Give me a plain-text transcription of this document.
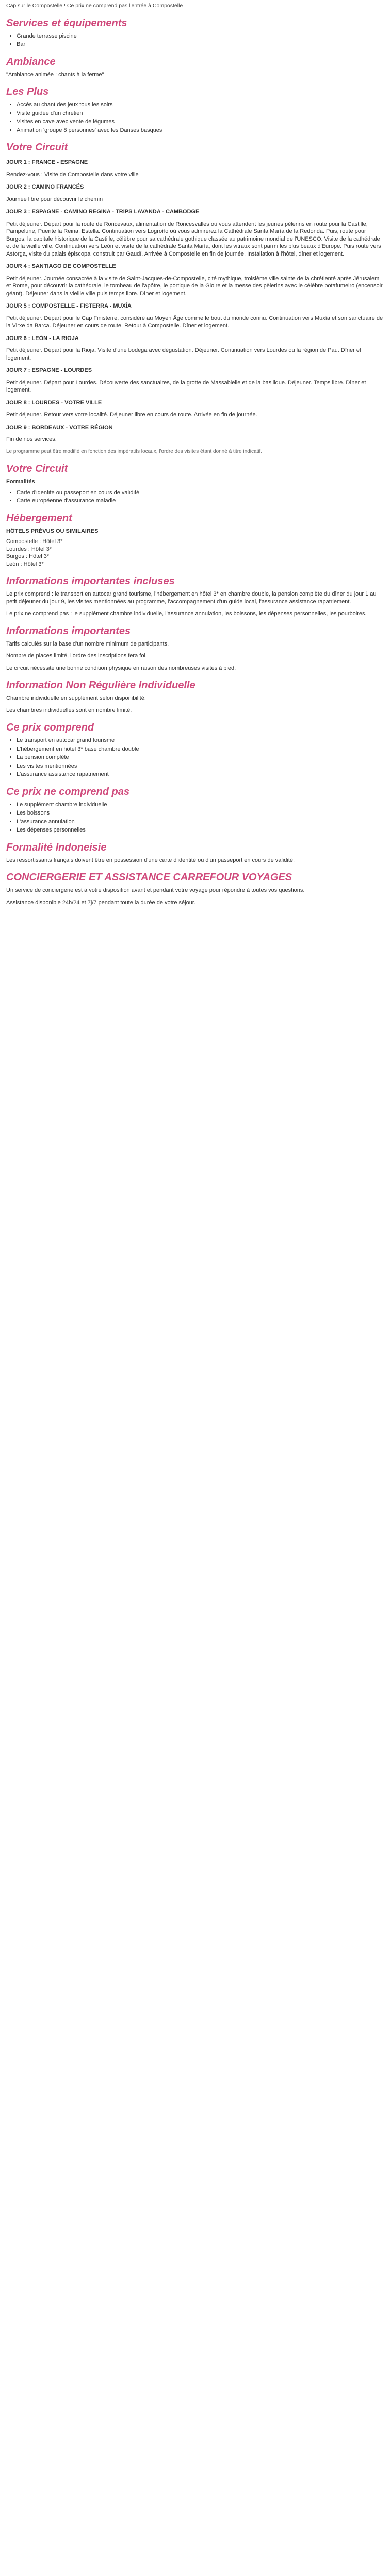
Cap sur le Compostelle ! Ce prix ne comprend pas l'entrée à Compostelle

Services et équipements
• Grande terrasse piscine
• Bar
Ambiance

"Ambiance animée : chants à la ferme"

Les Plus
• Accès au chant des jeux tous les soirs
• Visite guidée d'un chrétien
• Visites en cave avec vente de légumes
• Animation 'groupe 8 personnes' avec les Danses basques
Votre Circuit

JOUR 1 : FRANCE - ESPAGNE

Rendez-vous : Visite de Compostelle dans votre ville

JOUR 2 : CAMINO FRANCÉS

Journée libre pour découvrir le chemin

JOUR 3 : ESPAGNE - CAMINO REGINA - TRIPS LAVANDA - CAMBODGE

Petit déjeuner. Départ pour la route de Roncevaux, alimentation de Roncesvalles où vous attendent les jeunes pèlerins en route pour la Castille, Pampelune, Puente la Reina, Estella. Continuation vers Logroño où vous admirerez la Cathédrale Santa María de la Redonda. Puis, route pour Burgos, la capitale historique de la Castille, célèbre pour sa cathédrale gothique classée au patrimoine mondial de l'UNESCO. Visite de la cathédrale et de la vieille ville. Continuation vers León et visite de la cathédrale Santa María, dont les vitraux sont parmi les plus beaux d'Europe. Puis route vers Astorga, visite du palais épiscopal construit par Gaudí. Arrivée à Compostelle en fin de journée. Installation à l'hôtel, dîner et logement.

JOUR 4 : SANTIAGO DE COMPOSTELLE

Petit déjeuner. Journée consacrée à la visite de Saint-Jacques-de-Compostelle, cité mythique, troisième ville sainte de la chrétienté après Jérusalem et Rome, pour découvrir la cathédrale, le tombeau de l'apôtre, le portique de la Gloire et la messe des pèlerins avec le célèbre botafumeiro (encensoir géant). Déjeuner dans la vieille ville puis temps libre. Dîner et logement.

JOUR 5 : COMPOSTELLE - FISTERRA - MUXÍA

Petit déjeuner. Départ pour le Cap Finisterre, considéré au Moyen Âge comme le bout du monde connu. Continuation vers Muxía et son sanctuaire de la Virxe da Barca. Déjeuner en cours de route. Retour à Compostelle. Dîner et logement.

JOUR 6 : LEÓN - LA RIOJA

Petit déjeuner. Départ pour la Rioja. Visite d'une bodega avec dégustation. Déjeuner. Continuation vers Lourdes ou la région de Pau. Dîner et logement.

JOUR 7 : ESPAGNE - LOURDES

Petit déjeuner. Départ pour Lourdes. Découverte des sanctuaires, de la grotte de Massabielle et de la basilique. Déjeuner. Temps libre. Dîner et logement.

JOUR 8 : LOURDES - VOTRE VILLE

Petit déjeuner. Retour vers votre localité. Déjeuner libre en cours de route. Arrivée en fin de journée.

JOUR 9 : BORDEAUX - VOTRE RÉGION

Fin de nos services.

Le programme peut être modifié en fonction des impératifs locaux, l'ordre des visites étant donné à titre indicatif.

Votre Circuit

Formalités

• Carte d'identité ou passeport en cours de validité
• Carte européenne d'assurance maladie
Hébergement

HÔTELS PRÉVUS OU SIMILAIRES

Compostelle : Hôtel 3*

Lourdes : Hôtel 3*

Burgos : Hôtel 3*

León : Hôtel 3*

Informations importantes incluses

Le prix comprend : le transport en autocar grand tourisme, l'hébergement en hôtel 3* en chambre double, la pension complète du dîner du jour 1 au petit déjeuner du jour 9, les visites mentionnées au programme, l'accompagnement d'un guide local, l'assurance assistance rapatriement.

Le prix ne comprend pas : le supplément chambre individuelle, l'assurance annulation, les boissons, les dépenses personnelles, les pourboires.

Informations importantes

Tarifs calculés sur la base d'un nombre minimum de participants.

Nombre de places limité, l'ordre des inscriptions fera foi.

Le circuit nécessite une bonne condition physique en raison des nombreuses visites à pied.

Information Non Régulière Individuelle

Chambre individuelle en supplément selon disponibilité.

Les chambres individuelles sont en nombre limité.

Ce prix comprend
• Le transport en autocar grand tourisme
• L'hébergement en hôtel 3* base chambre double
• La pension complète
• Les visites mentionnées
• L'assurance assistance rapatriement
Ce prix ne comprend pas
• Le supplément chambre individuelle
• Les boissons
• L'assurance annulation
• Les dépenses personnelles
Formalité Indoneisie

Les ressortissants français doivent être en possession d'une carte d'identité ou d'un passeport en cours de validité.

CONCIERGERIE ET ASSISTANCE CARREFOUR VOYAGES

Un service de conciergerie est à votre disposition avant et pendant votre voyage pour répondre à toutes vos questions.

Assistance disponible 24h/24 et 7j/7 pendant toute la durée de votre séjour.
